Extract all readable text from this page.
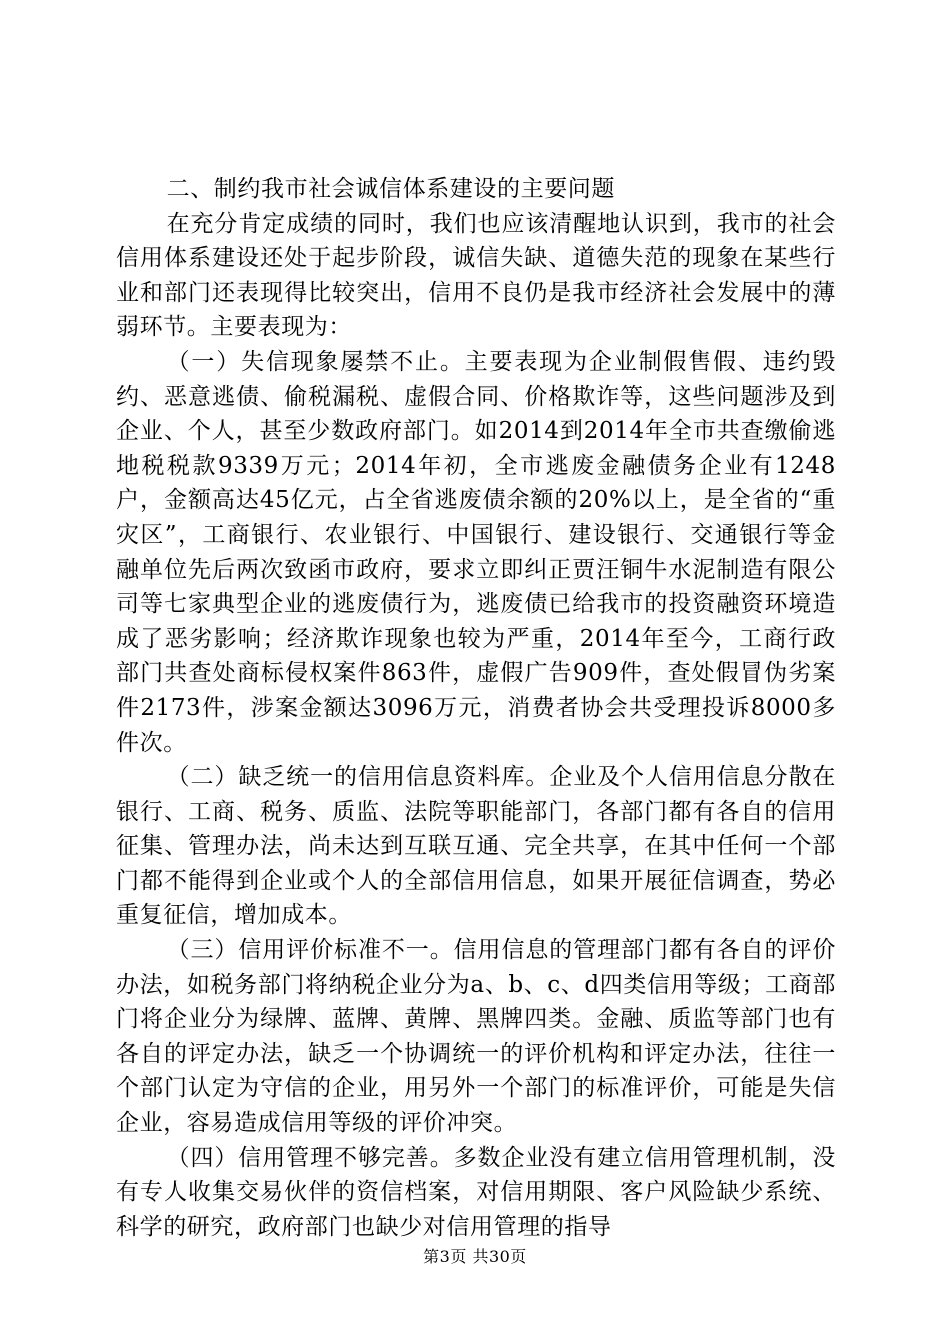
二、制约我市社会诚信体系建设的主要问题

在充分肯定成绩的同时，我们也应该清醒地认识到，我市的社会信用体系建设还处于起步阶段，诚信失缺、道德失范的现象在某些行业和部门还表现得比较突出，信用不良仍是我市经济社会发展中的薄弱环节。主要表现为：

（一）失信现象屡禁不止。主要表现为企业制假售假、违约毁约、恶意逃债、偷税漏税、虚假合同、价格欺诈等，这些问题涉及到企业、个人，甚至少数政府部门。如2014到2014年全市共查缴偷逃地税税款9339万元；2014年初，全市逃废金融债务企业有1248户，金额高达45亿元，占全省逃废债余额的20%以上，是全省的“重灾区”，工商银行、农业银行、中国银行、建设银行、交通银行等金融单位先后两次致函市政府，要求立即纠正贾汪铜牛水泥制造有限公司等七家典型企业的逃废债行为，逃废债已给我市的投资融资环境造成了恶劣影响；经济欺诈现象也较为严重，2014年至今，工商行政部门共查处商标侵权案件863件，虚假广告909件，查处假冒伪劣案件2173件，涉案金额达3096万元，消费者协会共受理投诉8000多件次。

（二）缺乏统一的信用信息资料库。企业及个人信用信息分散在银行、工商、税务、质监、法院等职能部门，各部门都有各自的信用征集、管理办法，尚未达到互联互通、完全共享，在其中任何一个部门都不能得到企业或个人的全部信用信息，如果开展征信调查，势必重复征信，增加成本。

（三）信用评价标准不一。信用信息的管理部门都有各自的评价办法，如税务部门将纳税企业分为a、b、c、d四类信用等级；工商部门将企业分为绿牌、蓝牌、黄牌、黑牌四类。金融、质监等部门也有各自的评定办法，缺乏一个协调统一的评价机构和评定办法，往往一个部门认定为守信的企业，用另外一个部门的标准评价，可能是失信企业，容易造成信用等级的评价冲突。

（四）信用管理不够完善。多数企业没有建立信用管理机制，没有专人收集交易伙伴的资信档案，对信用期限、客户风险缺少系统、科学的研究，政府部门也缺少对信用管理的指导

第3页 共30页
